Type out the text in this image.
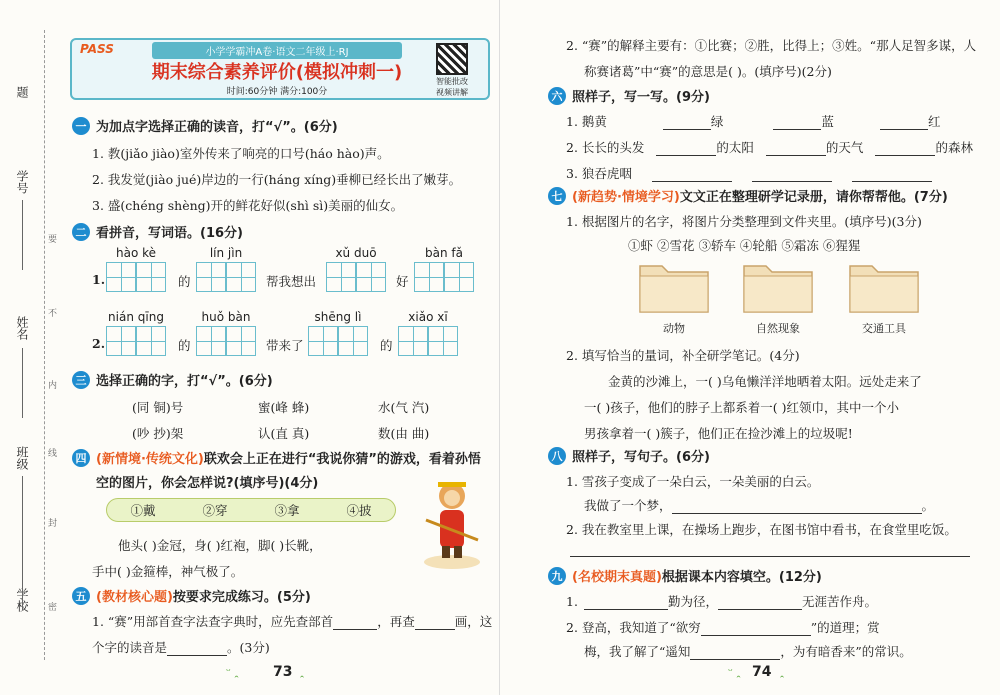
题
学号
姓名
班级
学校
要
不
内
线
封
密
PASS	小学学霸冲A卷·语文二年级上·RJ
期末综合素养评价(模拟冲刺一)
时间:60分钟 满分:100分
智能批改
视频讲解
一 为加点字选择正确的读音，打“√”。(6分)
1. 教(jiǎo jiào)室外传来了响亮的口号(háo hào)声。
2. 我发觉(jiào jué)岸边的一行(háng xíng)垂柳已经长出了嫩芽。
3. 盛(chéng shèng)开的鲜花好似(shì sì)美丽的仙女。
二 看拼音，写词语。(16分)
1.
hào kè
的
lín jìn
帮我想出
xǔ duō
好
bàn fǎ
2.
nián qīng
的
huǒ bàn
带来了
shēng lì
的
xiǎo xī
三 选择正确的字，打“√”。(6分)
(同 铜)号	蜜(峰 蜂)	水(气 汽)
(吵 抄)架	认(直 真)	数(由 曲)
四 (新情境·传统文化) 联欢会上正在进行“我说你猜”的游戏，看着孙悟
空的图片，你会怎样说?(填序号)(4分)
①戴	②穿	③拿	④披
他头( )金冠，身( )红袍，脚( )长靴，
手中( )金箍棒，神气极了。
五 (教材核心题) 按要求完成练习。(5分)
1. “赛”用部首查字法查字典时，应先查部首	，再查	画，这
个字的读音是	。(3分)
ᵕ ꞈ 73 ꞈ
2. “赛”的解释主要有：①比赛；②胜，比得上；③姓。“那人足智多谋，人
称赛诸葛”中“赛”的意思是( )。(填序号)(2分)
六 照样子，写一写。(9分)
1. 鹅黄	绿	蓝	红
2. 长长的头发	的太阳	的天气	的森林
3. 狼吞虎咽
七 (新趋势·情境学习) 文文正在整理研学记录册，请你帮帮他。(7分)
1. 根据图片的名字，将图片分类整理到文件夹里。(填序号)(3分)
①虾 ②雪花 ③轿车 ④轮船 ⑤霜冻 ⑥猩猩
动物	自然现象	交通工具
2. 填写恰当的量词，补全研学笔记。(4分)
金黄的沙滩上，一( )乌龟懒洋洋地晒着太阳。远处走来了
一( )孩子，他们的脖子上都系着一( )红领巾，其中一个小
男孩拿着一( )簇子，他们正在捡沙滩上的垃圾呢!
八 照样子，写句子。(6分)
1. 雪孩子变成了一朵白云，一朵美丽的白云。
我做了一个梦，	。
2. 我在教室里上课，在操场上跑步，在图书馆中看书，在食堂里吃饭。
九 (名校期末真题) 根据课本内容填空。(12分)
1.	勤为径，	无涯苦作舟。
2. 登高，我知道了“欲穷	”的道理；赏
梅，我了解了“遥知	，为有暗香来”的常识。
ᵕ ꞈ 74 ꞈ
